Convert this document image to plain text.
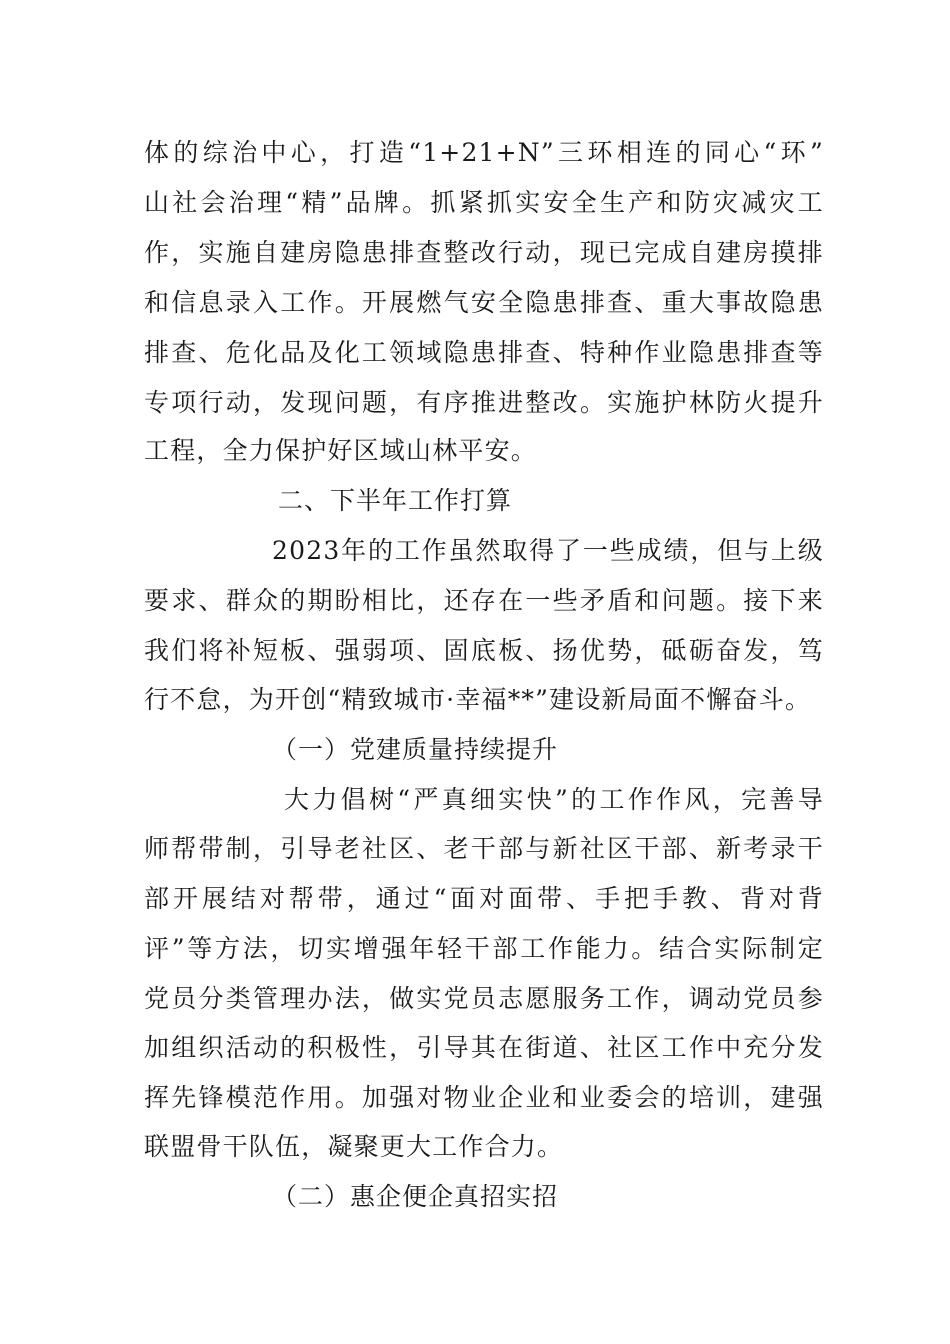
体的综治中心，打造“1+21+N”三环相连的同心“环”
山社会治理“精”品牌。抓紧抓实安全生产和防灾减灾工
作，实施自建房隐患排查整改行动，现已完成自建房摸排
和信息录入工作。开展燃气安全隐患排查、重大事故隐患
排查、危化品及化工领域隐患排查、特种作业隐患排查等
专项行动，发现问题，有序推进整改。实施护林防火提升
工程，全力保护好区域山林平安。
二、下半年工作打算
2023年的工作虽然取得了一些成绩，但与上级
要求、群众的期盼相比，还存在一些矛盾和问题。接下来
我们将补短板、强弱项、固底板、扬优势，砥砺奋发，笃
行不怠，为开创“精致城市·幸福**”建设新局面不懈奋斗。
（一）党建质量持续提升
大力倡树“严真细实快”的工作作风，完善导
师帮带制，引导老社区、老干部与新社区干部、新考录干
部开展结对帮带，通过“面对面带、手把手教、背对背
评”等方法，切实增强年轻干部工作能力。结合实际制定
党员分类管理办法，做实党员志愿服务工作，调动党员参
加组织活动的积极性，引导其在街道、社区工作中充分发
挥先锋模范作用。加强对物业企业和业委会的培训，建强
联盟骨干队伍，凝聚更大工作合力。
（二）惠企便企真招实招
